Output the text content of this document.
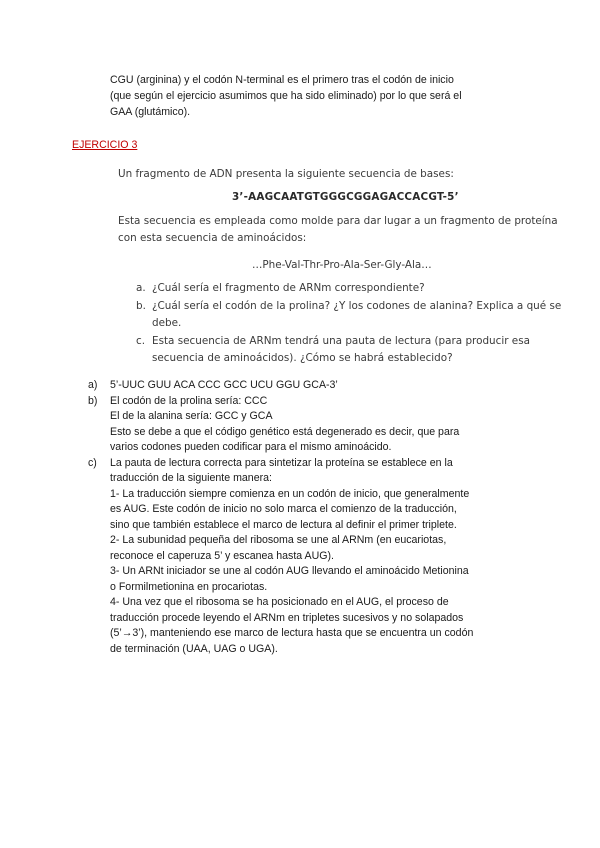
CGU (arginina) y el codón N-terminal es el primero tras el codón de inicio
(que según el ejercicio asumimos que ha sido eliminado) por lo que será el
GAA (glutámico).
EJERCICIO 3
Un fragmento de ADN presenta la siguiente secuencia de bases:
3’-AAGCAATGTGGGCGGAGACCACGT-5’
Esta secuencia es empleada como molde para dar lugar a un fragmento de proteína
con esta secuencia de aminoácidos:
…Phe-Val-Thr-Pro-Ala-Ser-Gly-Ala…
a. ¿Cuál sería el fragmento de ARNm correspondiente?
b. ¿Cuál sería el codón de la prolina? ¿Y los codones de alanina? Explica a qué se
debe.
c. Esta secuencia de ARNm tendrá una pauta de lectura (para producir esa
secuencia de aminoácidos). ¿Cómo se habrá establecido?
a) 5’-UUC GUU ACA CCC GCC UCU GGU GCA-3’
b) El codón de la prolina sería: CCC
El de la alanina sería: GCC y GCA
Esto se debe a que el código genético está degenerado es decir, que para
varios codones pueden codificar para el mismo aminoácido.
c) La pauta de lectura correcta para sintetizar la proteína se establece en la
traducción de la siguiente manera:
1- La traducción siempre comienza en un codón de inicio, que generalmente
es AUG. Este codón de inicio no solo marca el comienzo de la traducción,
sino que también establece el marco de lectura al definir el primer triplete.
2- La subunidad pequeña del ribosoma se une al ARNm (en eucariotas,
reconoce el caperuza 5’ y escanea hasta AUG).
3- Un ARNt iniciador se une al codón AUG llevando el aminoácido Metionina
o Formilmetionina en procariotas.
4- Una vez que el ribosoma se ha posicionado en el AUG, el proceso de
traducción procede leyendo el ARNm en tripletes sucesivos y no solapados
(5’→3’), manteniendo ese marco de lectura hasta que se encuentra un codón
de terminación (UAA, UAG o UGA).
